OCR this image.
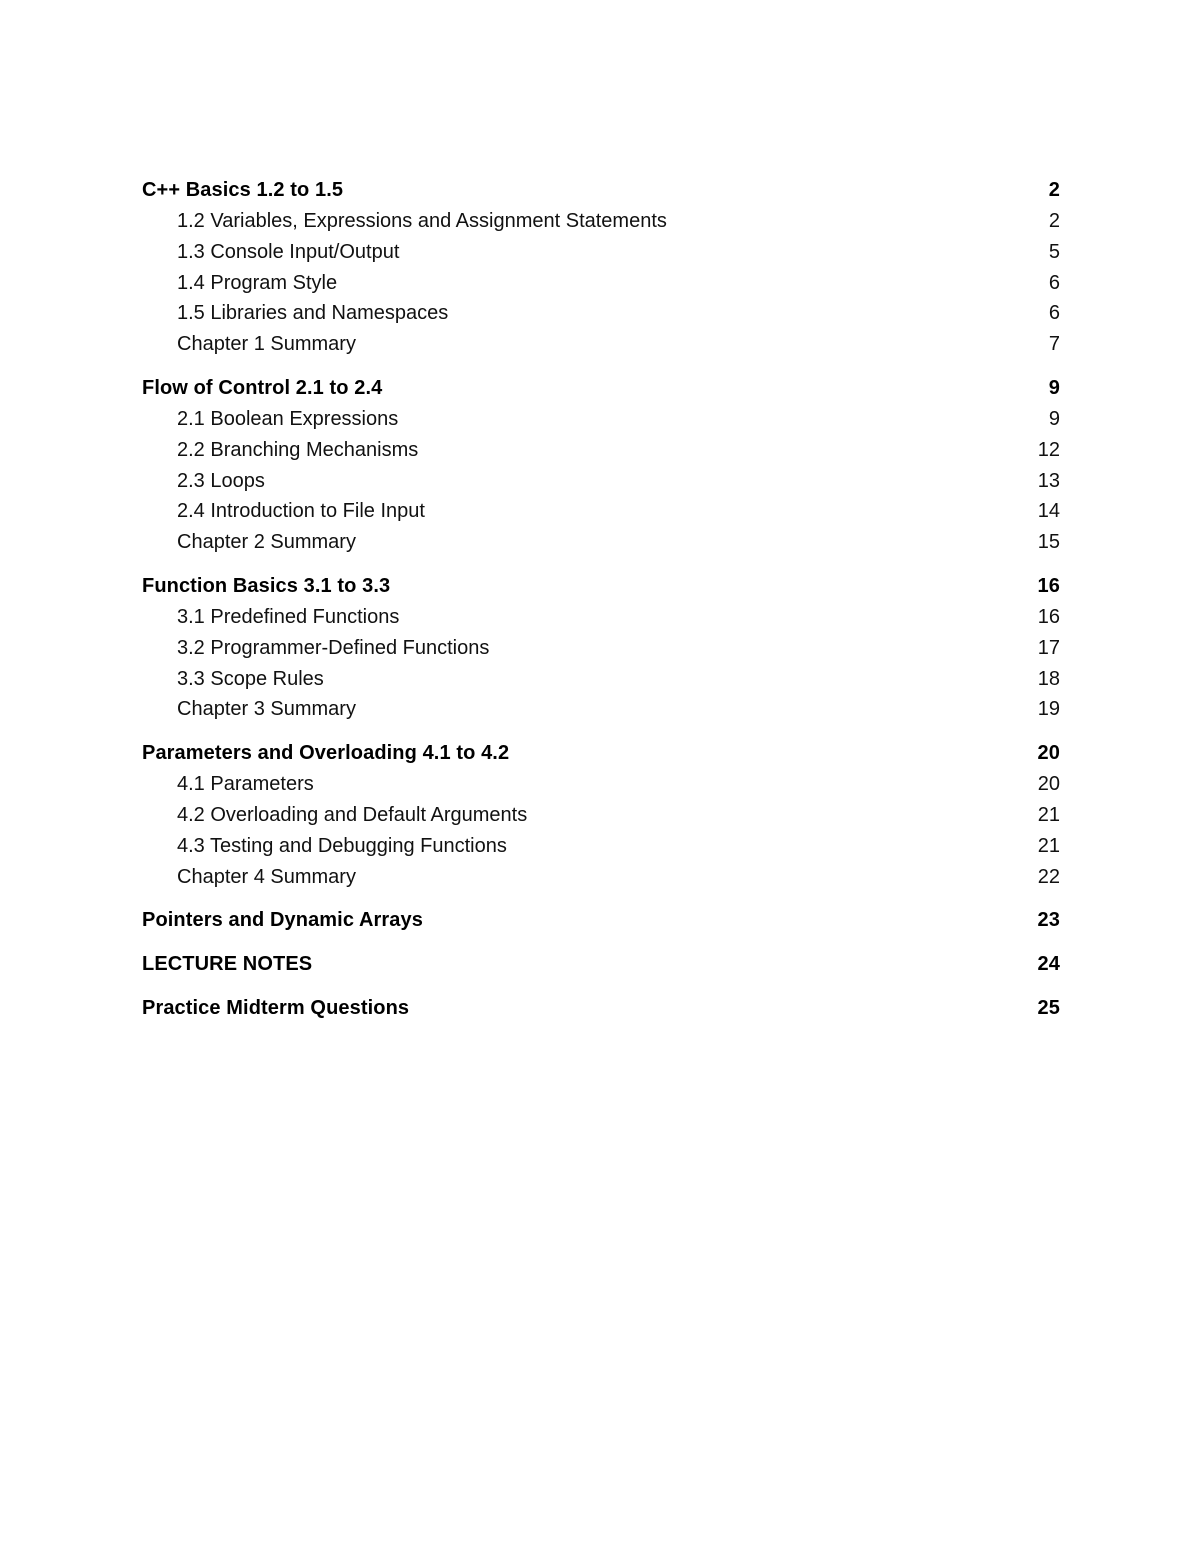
C++ Basics 1.2 to 1.5	2
1.2 Variables, Expressions and Assignment Statements	2
1.3 Console Input/Output	5
1.4 Program Style	6
1.5 Libraries and Namespaces	6
Chapter 1 Summary	7
Flow of Control 2.1 to 2.4	9
2.1 Boolean Expressions	9
2.2 Branching Mechanisms	12
2.3 Loops	13
2.4 Introduction to File Input	14
Chapter 2 Summary	15
Function Basics 3.1 to 3.3	16
3.1 Predefined Functions	16
3.2 Programmer-Defined Functions	17
3.3 Scope Rules	18
Chapter 3 Summary	19
Parameters and Overloading 4.1 to 4.2	20
4.1 Parameters	20
4.2 Overloading and Default Arguments	21
4.3 Testing and Debugging Functions	21
Chapter 4 Summary	22
Pointers and Dynamic Arrays	23
LECTURE NOTES	24
Practice Midterm Questions	25
